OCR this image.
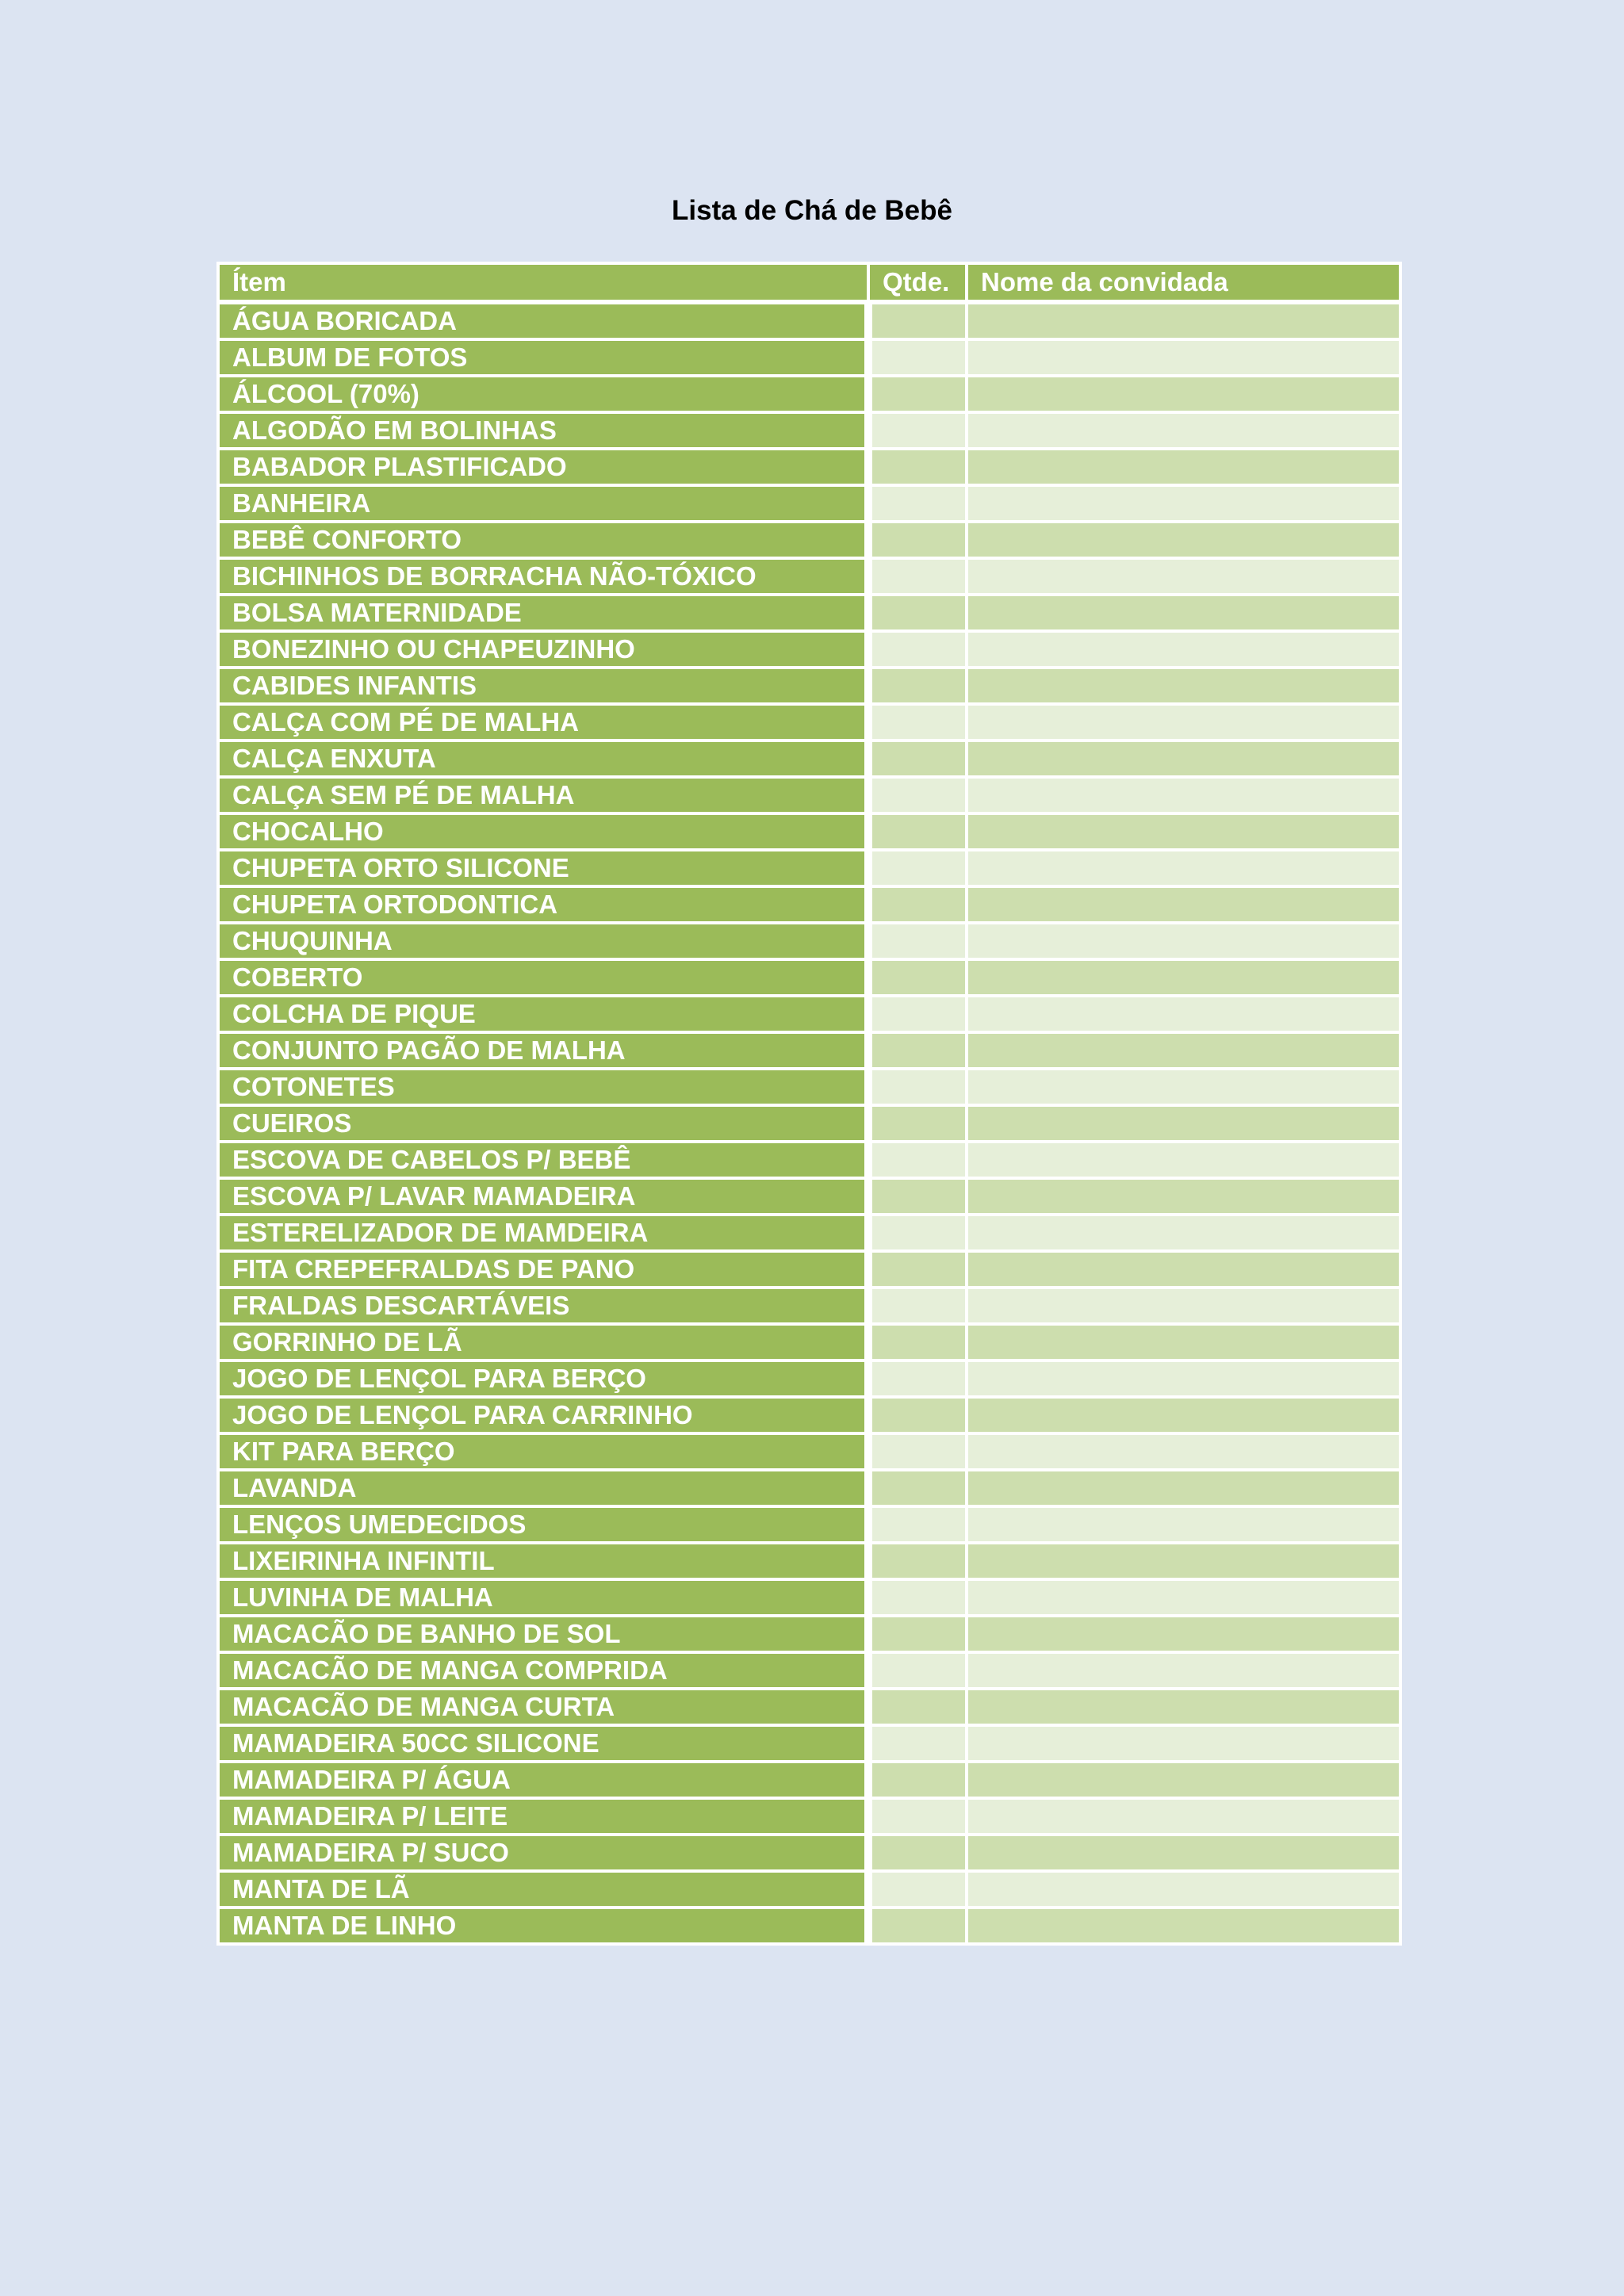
Lista de Chá de Bebê
Ítem	Qtde.	Nome da convidada
ÁGUA BORICADA		
ALBUM DE FOTOS		
ÁLCOOL (70%)		
ALGODÃO EM BOLINHAS		
BABADOR PLASTIFICADO		
BANHEIRA		
BEBÊ CONFORTO		
BICHINHOS DE BORRACHA NÃO-TÓXICO		
BOLSA MATERNIDADE		
BONEZINHO OU CHAPEUZINHO		
CABIDES INFANTIS		
CALÇA COM PÉ DE MALHA		
CALÇA ENXUTA		
CALÇA SEM PÉ DE MALHA		
CHOCALHO		
CHUPETA ORTO SILICONE		
CHUPETA ORTODONTICA		
CHUQUINHA		
COBERTO		
COLCHA DE PIQUE		
CONJUNTO PAGÃO DE MALHA		
COTONETES		
CUEIROS		
ESCOVA DE CABELOS P/ BEBÊ		
ESCOVA P/ LAVAR MAMADEIRA		
ESTERELIZADOR DE MAMDEIRA		
FITA CREPEFRALDAS DE PANO		
FRALDAS DESCARTÁVEIS		
GORRINHO DE LÃ		
JOGO DE LENÇOL PARA BERÇO		
JOGO DE LENÇOL PARA CARRINHO		
KIT PARA BERÇO		
LAVANDA		
LENÇOS UMEDECIDOS		
LIXEIRINHA INFINTIL		
LUVINHA DE MALHA		
MACACÃO DE BANHO DE SOL		
MACACÃO DE MANGA COMPRIDA		
MACACÃO DE MANGA CURTA		
MAMADEIRA 50CC SILICONE		
MAMADEIRA P/ ÁGUA		
MAMADEIRA P/ LEITE		
MAMADEIRA P/ SUCO		
MANTA DE LÃ		
MANTA DE LINHO		
